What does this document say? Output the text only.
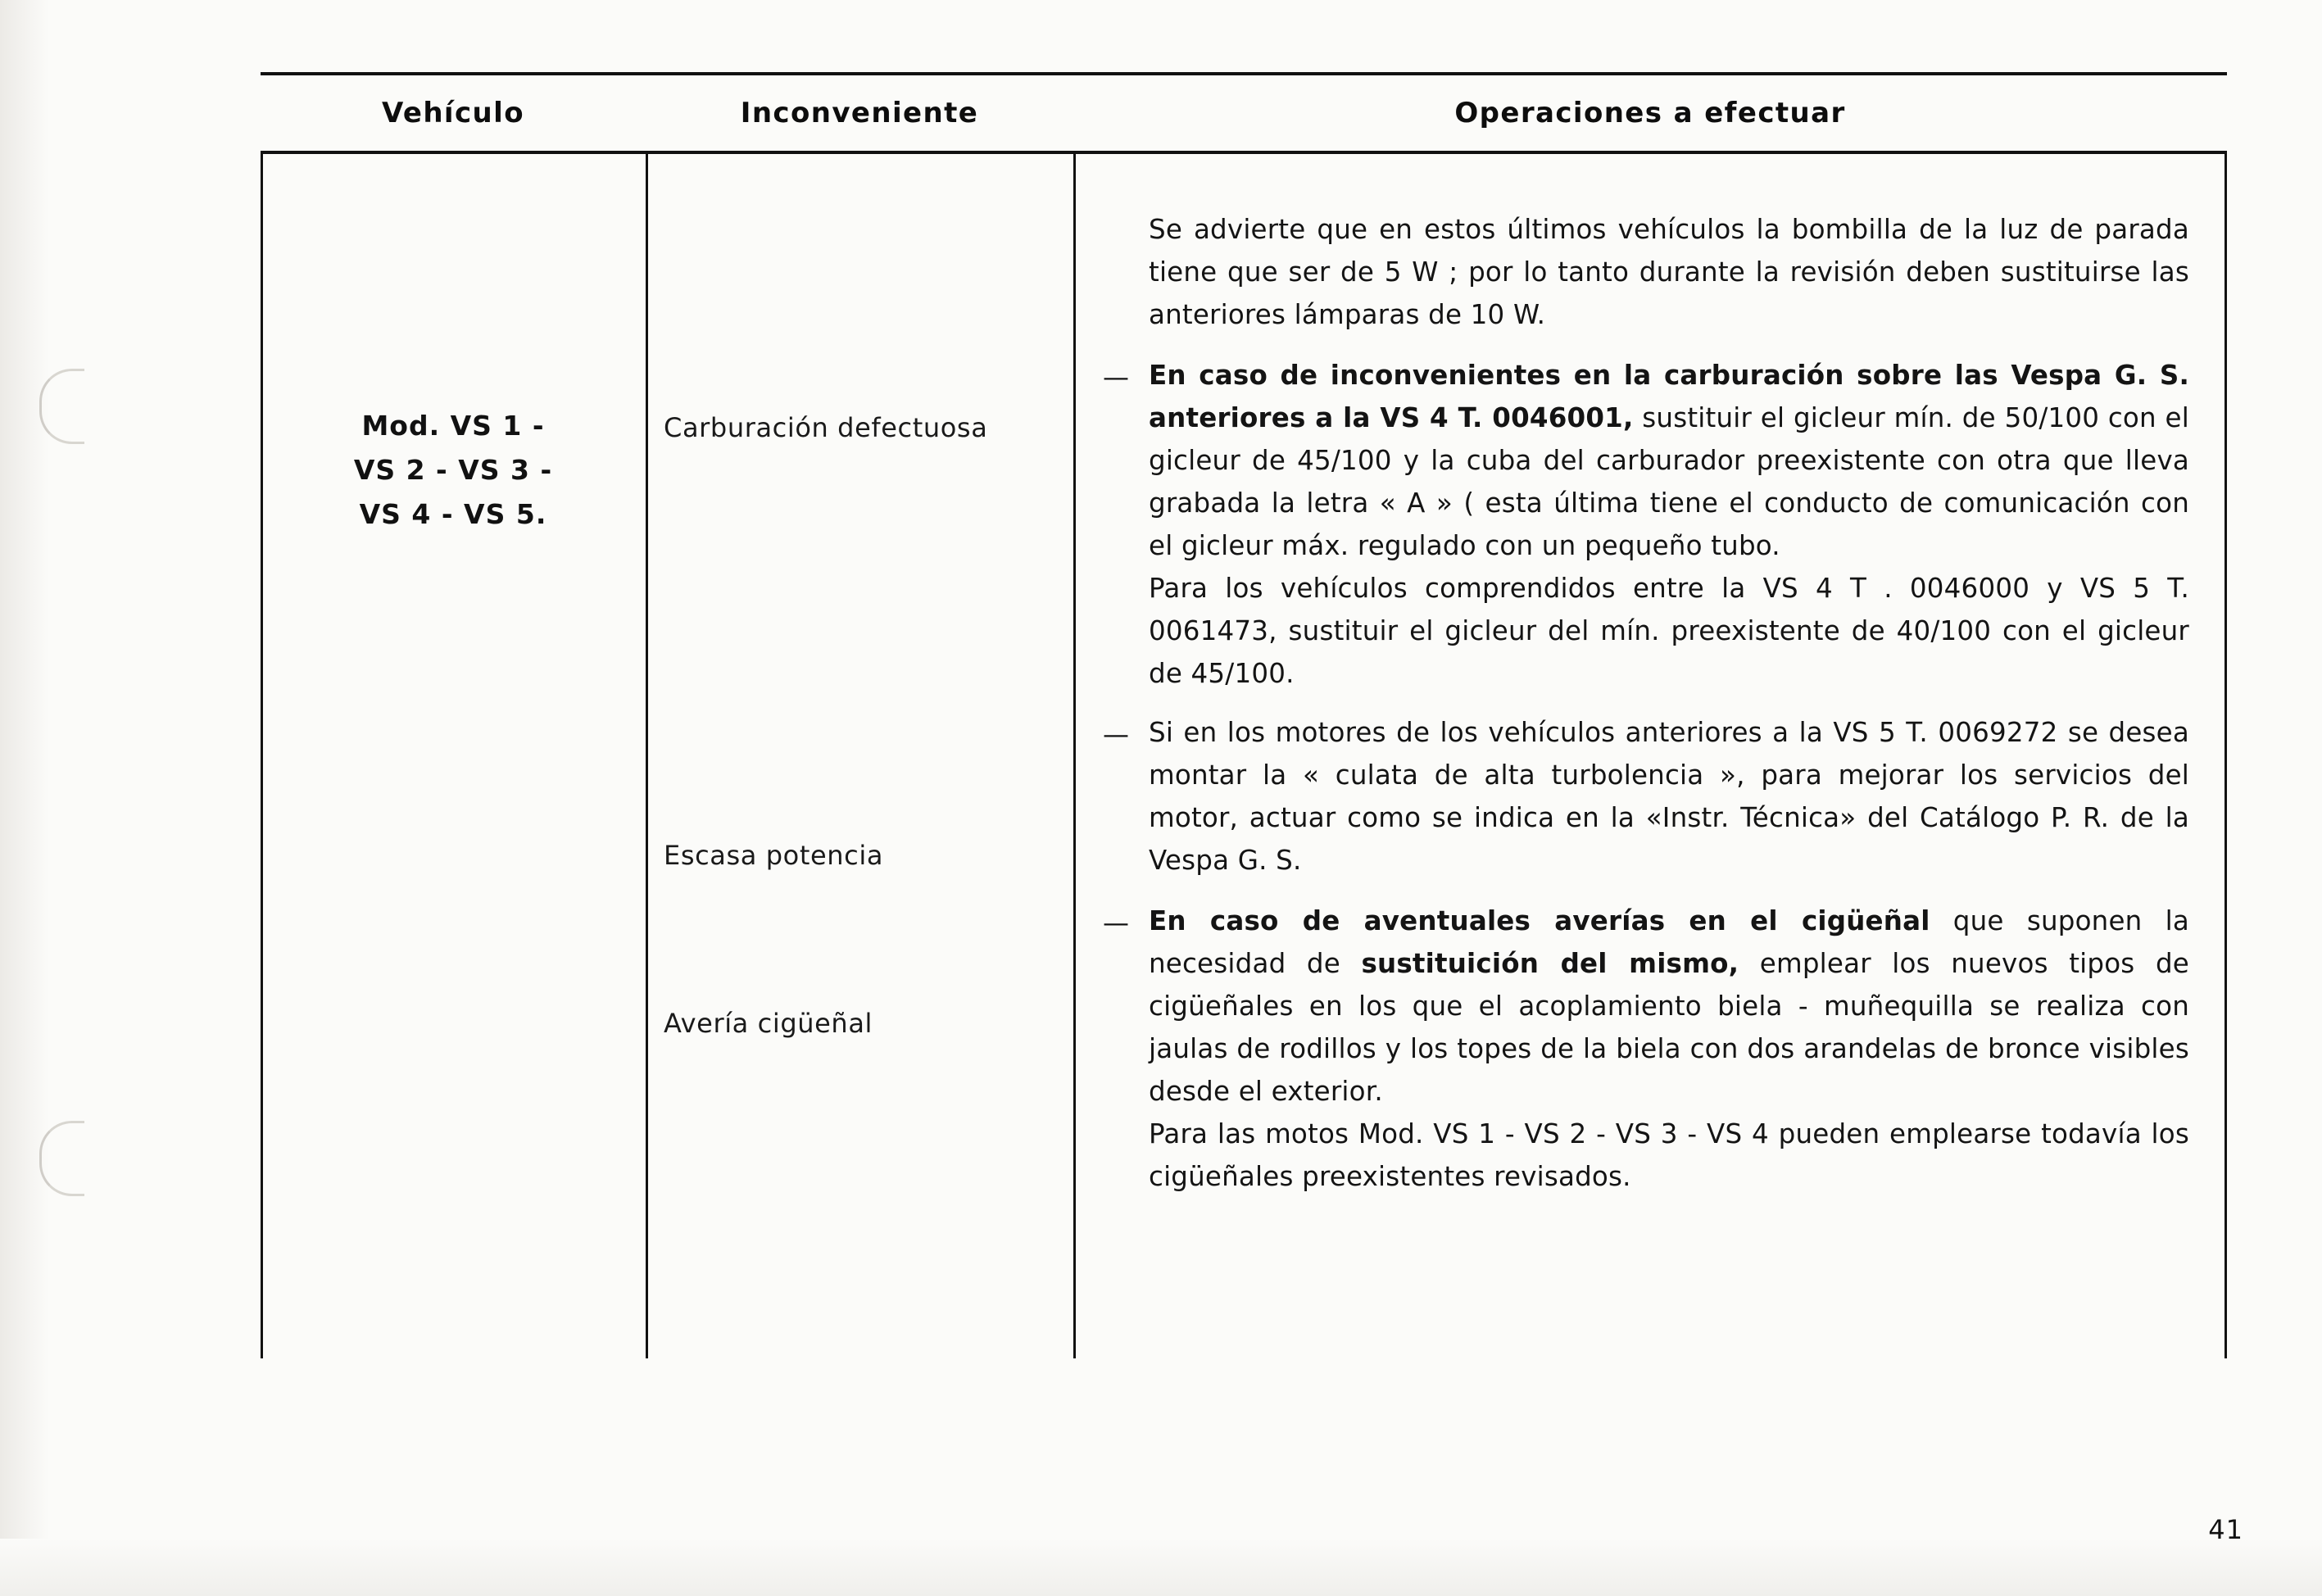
Vehículo	Inconveniente	Operaciones a efectuar
Mod. VS 1 -
VS 2 - VS 3 -
VS 4 - VS 5.
Carburación defectuosa
Escasa potencia
Avería cigüeñal
Se advierte que en estos últimos vehículos la bombilla de la luz de parada tiene que ser de 5 W ; por lo tanto durante la revisión deben sustituirse las anteriores lámparas de 10 W.
— En caso de inconvenientes en la carburación sobre las Vespa G. S. anteriores a la VS 4 T. 0046001, sustituir el gicleur mín. de 50/100 con el gicleur de 45/100 y la cuba del carburador preexistente con otra que lleva grabada la letra « A » ( esta última tiene el conducto de comunicación con el gicleur máx. regulado con un pequeño tubo.
Para los vehículos comprendidos entre la VS 4 T . 0046000 y VS 5 T. 0061473, sustituir el gicleur del mín. preexistente de 40/100 con el gicleur de 45/100.
— Si en los motores de los vehículos anteriores a la VS 5 T. 0069272 se desea montar la « culata de alta turbolencia », para mejorar los servicios del motor, actuar como se indica en la «Instr. Técnica» del Catálogo P. R. de la Vespa G. S.
— En caso de aventuales averías en el cigüeñal que suponen la necesidad de sustituición del mismo, emplear los nuevos tipos de cigüeñales en los que el acoplamiento biela - muñequilla se realiza con jaulas de rodillos y los topes de la biela con dos arandelas de bronce visibles desde el exterior.
Para las motos Mod. VS 1 - VS 2 - VS 3 - VS 4 pueden emplearse todavía los cigüeñales preexistentes revisados.
41
